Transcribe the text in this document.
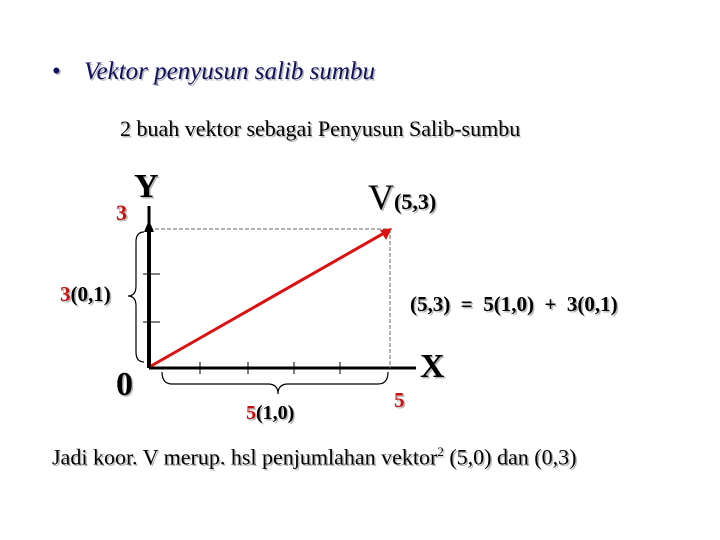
• Vektor penyusun salib sumbu
2 buah vektor sebagai Penyusun Salib-sumbu
Y
3	V(5,3)
3(0,1)	(5,3)  =  5(1,0)  +  3(0,1)
0
5(1,0)
5
X
Jadi koor. V merup. hsl penjumlahan vektor$^2$ (5,0) dan (0,3)
